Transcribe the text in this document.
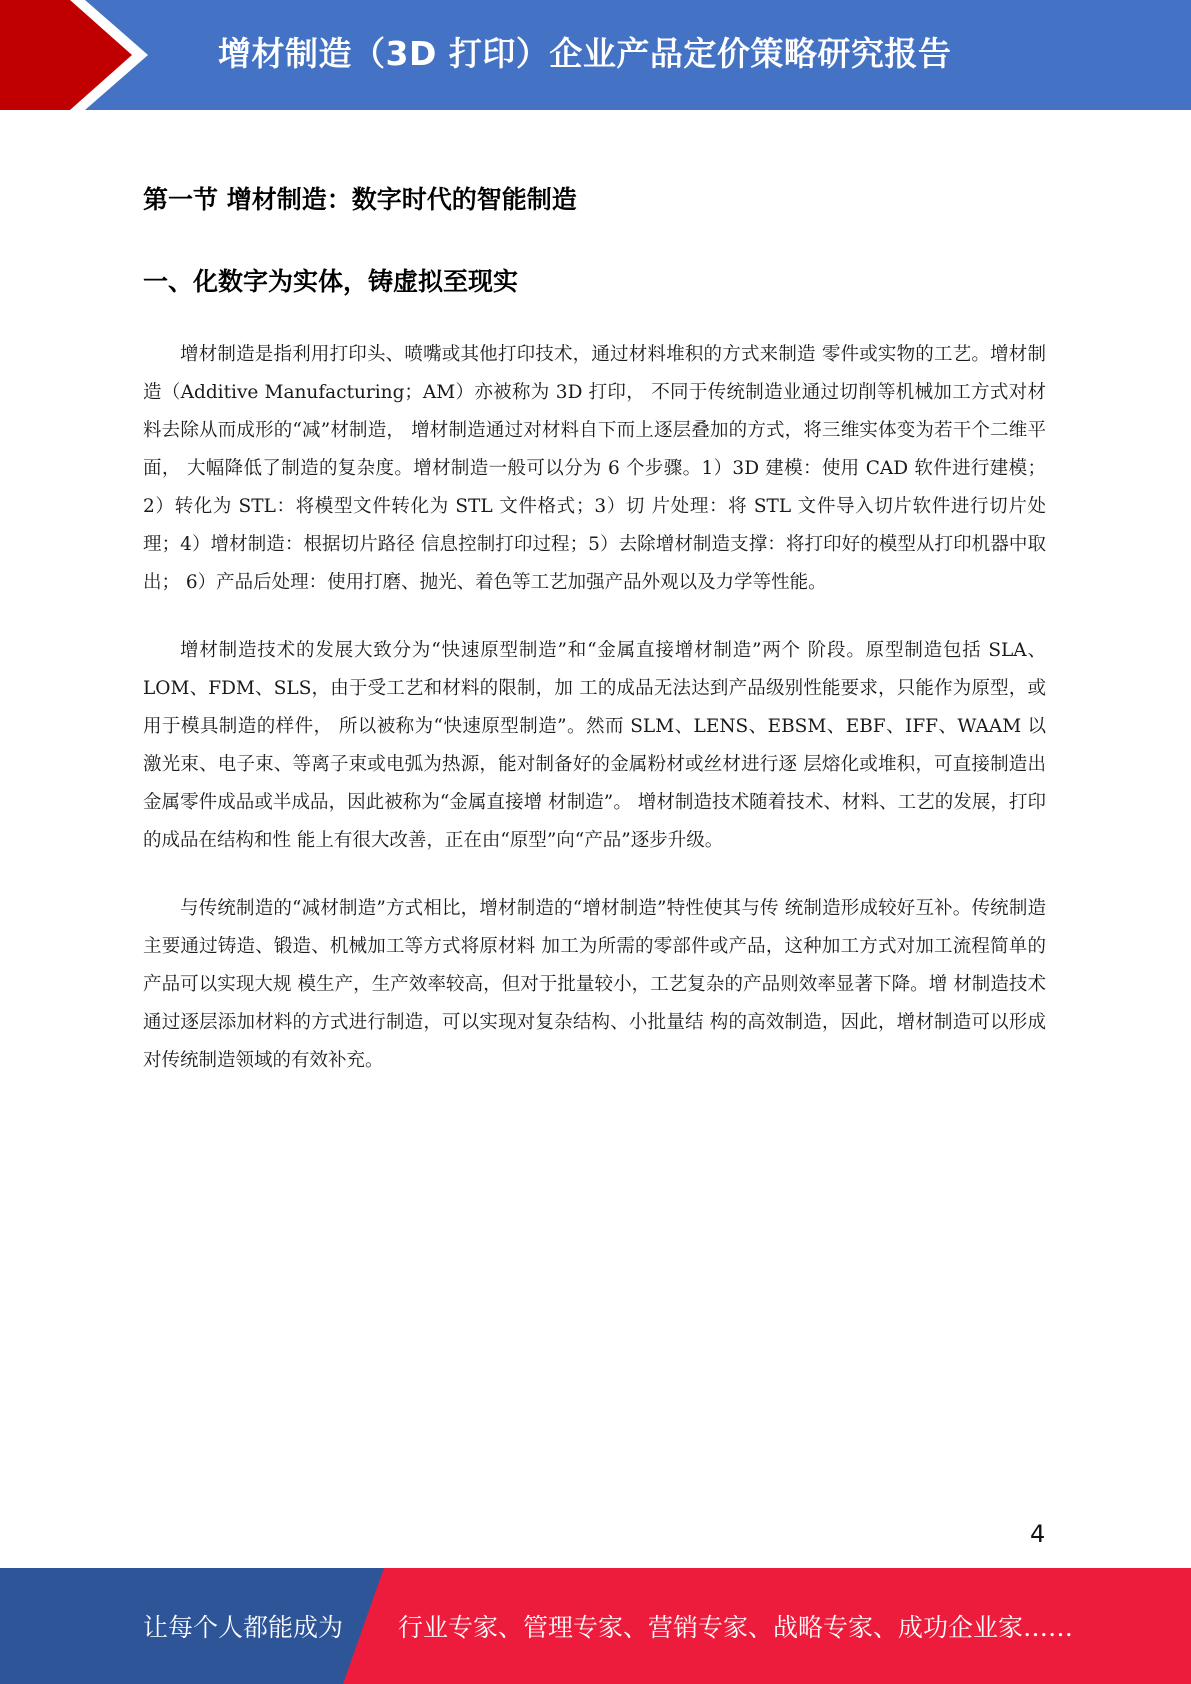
增材制造（3D 打印）企业产品定价策略研究报告
第一节 增材制造：数字时代的智能制造
一、化数字为实体，铸虚拟至现实

增材制造是指利用打印头、喷嘴或其他打印技术，通过材料堆积的方式来制造 零件或实物的工艺。增材制造（Additive Manufacturing；AM）亦被称为 3D 打印， 不同于传统制造业通过切削等机械加工方式对材料去除从而成形的“减”材制造， 增材制造通过对材料自下而上逐层叠加的方式，将三维实体变为若干个二维平面， 大幅降低了制造的复杂度。增材制造一般可以分为 6 个步骤。1）3D 建模：使用 CAD 软件进行建模；2）转化为 STL：将模型文件转化为 STL 文件格式；3）切 片处理：将 STL 文件导入切片软件进行切片处理；4）增材制造：根据切片路径 信息控制打印过程；5）去除增材制造支撑：将打印好的模型从打印机器中取出； 6）产品后处理：使用打磨、抛光、着色等工艺加强产品外观以及力学等性能。

增材制造技术的发展大致分为“快速原型制造”和“金属直接增材制造”两个 阶段。原型制造包括 SLA、LOM、FDM、SLS，由于受工艺和材料的限制，加 工的成品无法达到产品级别性能要求，只能作为原型，或用于模具制造的样件， 所以被称为“快速原型制造”。然而 SLM、LENS、EBSM、EBF、IFF、WAAM 以 激光束、电子束、等离子束或电弧为热源，能对制备好的金属粉材或丝材进行逐 层熔化或堆积，可直接制造出金属零件成品或半成品，因此被称为“金属直接增 材制造”。 增材制造技术随着技术、材料、工艺的发展，打印的成品在结构和性 能上有很大改善，正在由“原型”向“产品”逐步升级。

与传统制造的“减材制造”方式相比，增材制造的“增材制造”特性使其与传 统制造形成较好互补。传统制造主要通过铸造、锻造、机械加工等方式将原材料 加工为所需的零部件或产品，这种加工方式对加工流程简单的产品可以实现大规 模生产，生产效率较高，但对于批量较小，工艺复杂的产品则效率显著下降。增 材制造技术通过逐层添加材料的方式进行制造，可以实现对复杂结构、小批量结 构的高效制造，因此，增材制造可以形成对传统制造领域的有效补充。

4
让每个人都能成为 行业专家、管理专家、营销专家、战略专家、成功企业家……
